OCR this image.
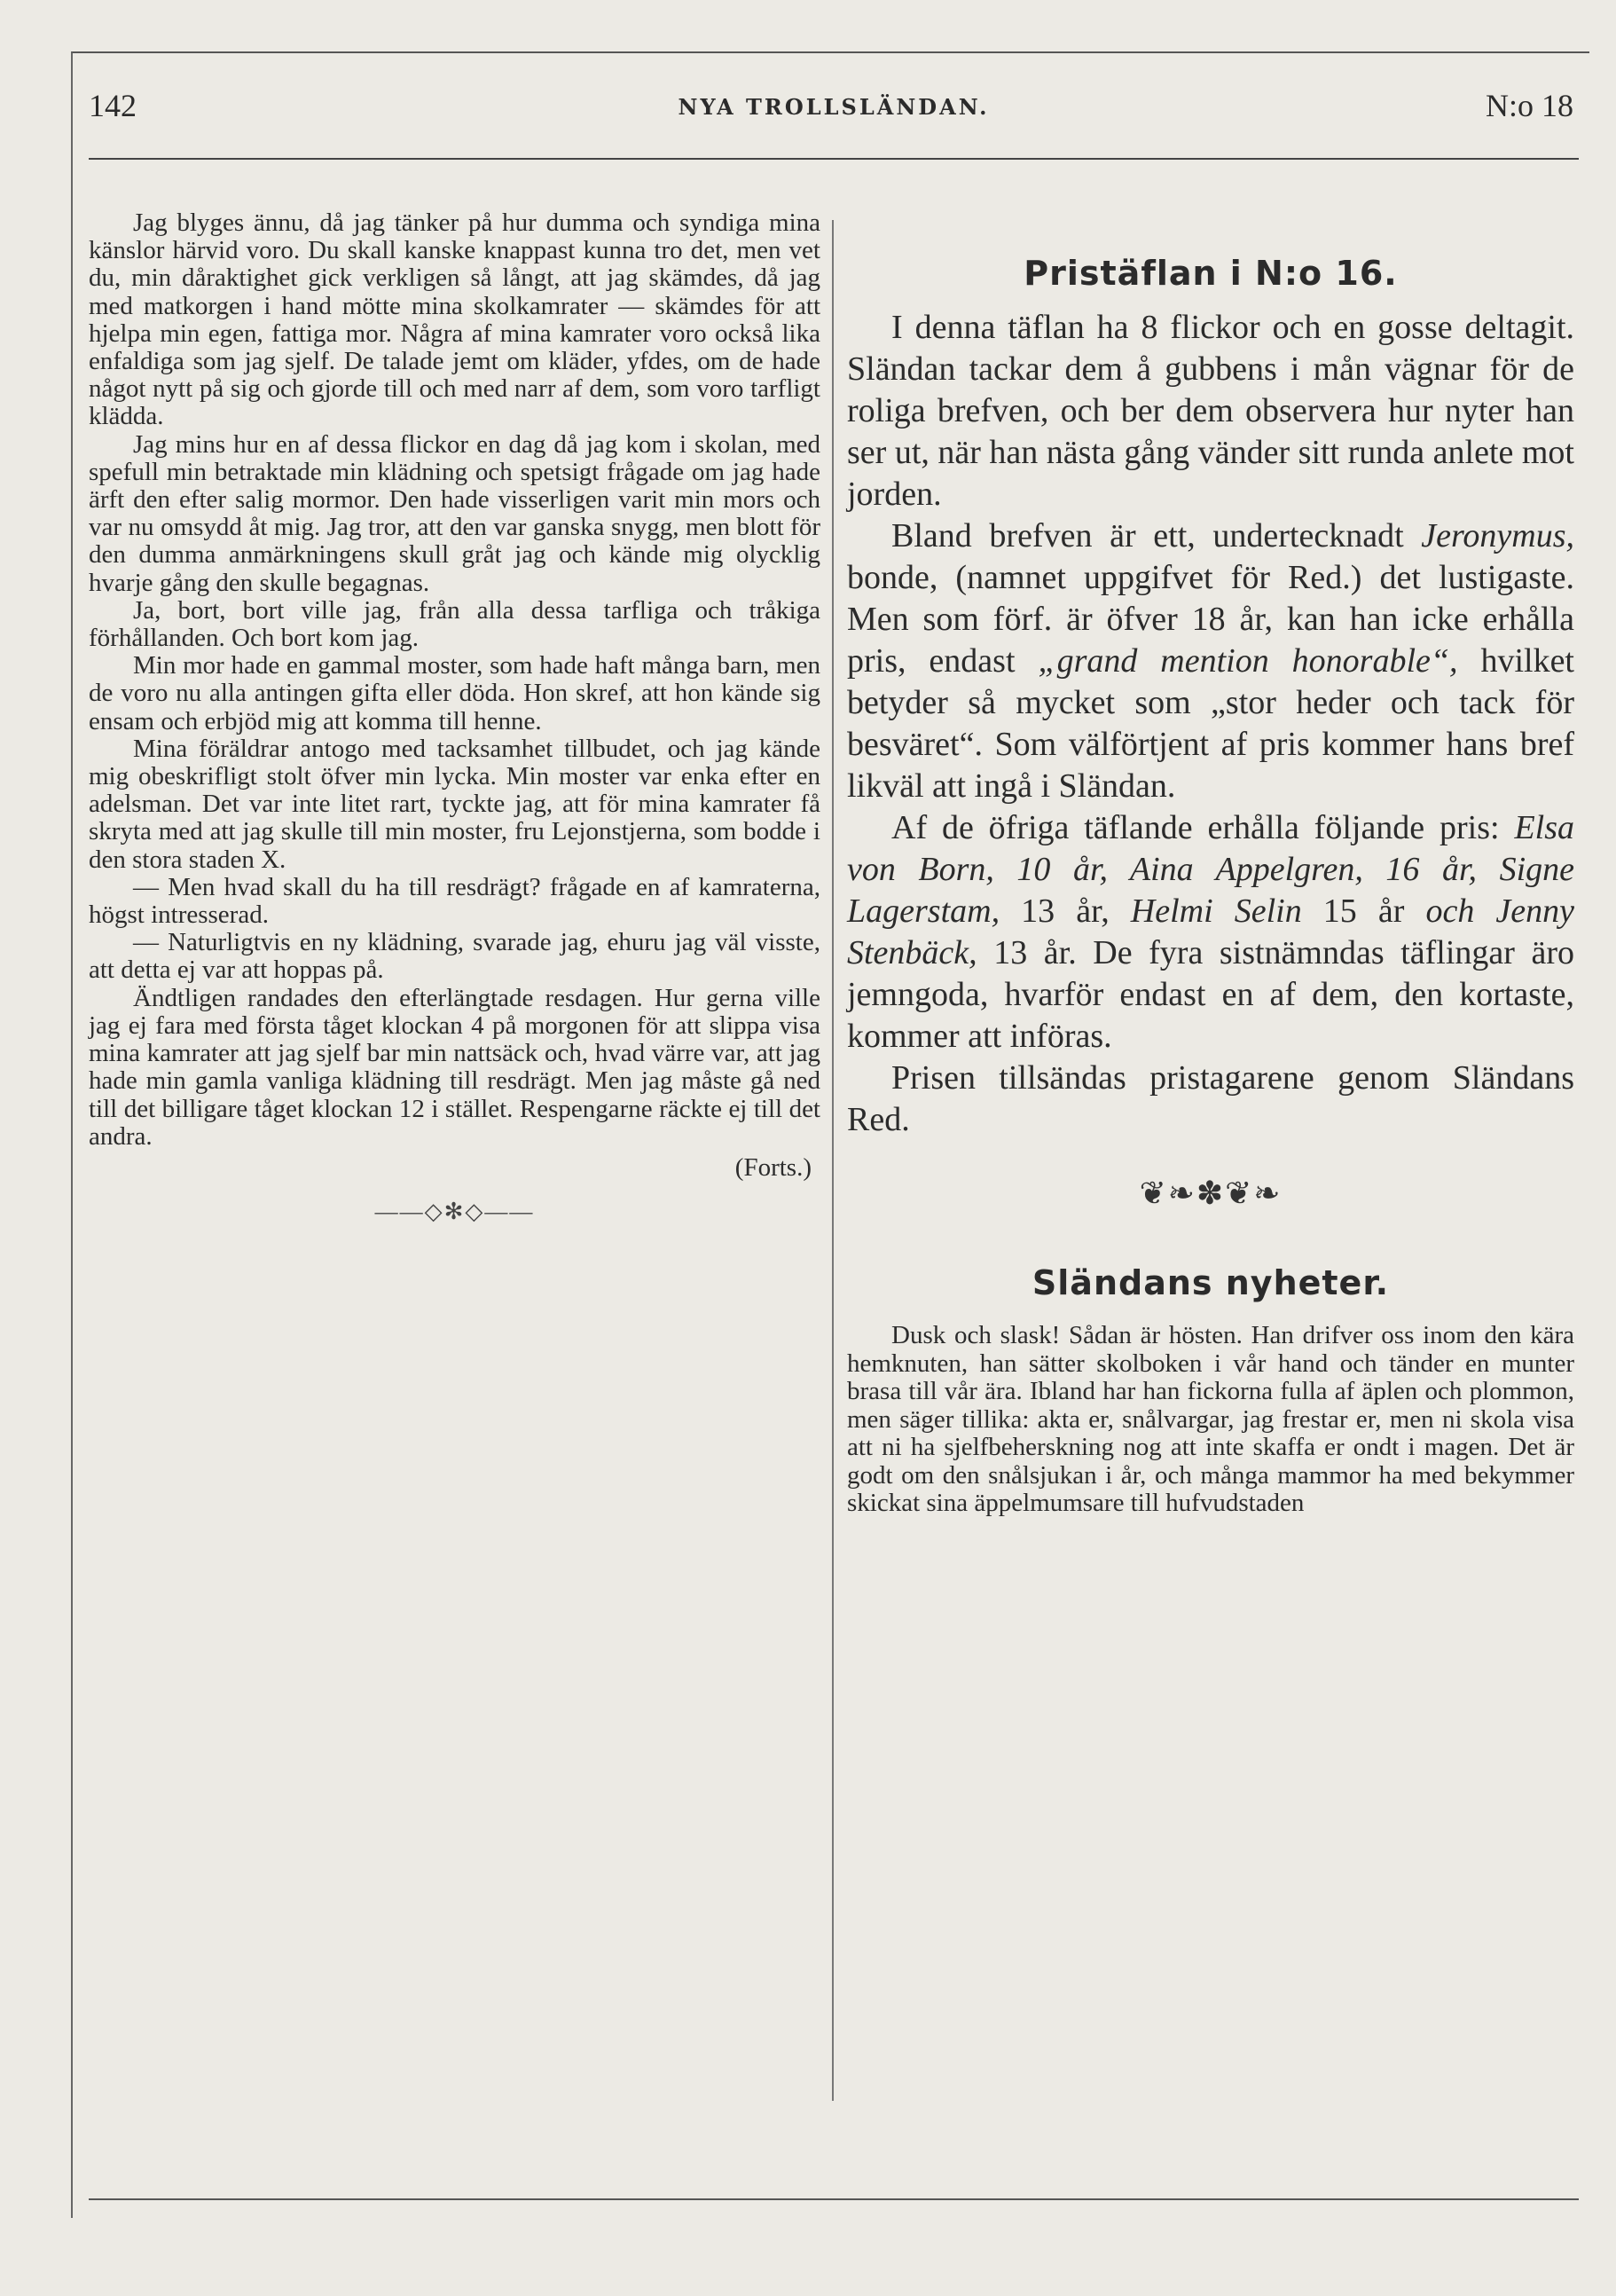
142	NYA TROLLSLÄNDAN.	N:o 18

Jag blyges ännu, då jag tänker på hur dumma och syndiga mina känslor härvid voro. Du skall kanske knappast kunna tro det, men vet du, min dåraktighet gick verkligen så långt, att jag skämdes, då jag med matkorgen i hand mötte mina skolkamrater — skämdes för att hjelpa min egen, fattiga mor. Några af mina kamrater voro också lika enfaldiga som jag sjelf. De talade jemt om kläder, yfdes, om de hade något nytt på sig och gjorde till och med narr af dem, som voro tarfligt klädda.

Jag mins hur en af dessa flickor en dag då jag kom i skolan, med spefull min betraktade min klädning och spetsigt frågade om jag hade ärft den efter salig mormor. Den hade visserligen varit min mors och var nu omsydd åt mig. Jag tror, att den var ganska snygg, men blott för den dumma anmärkningens skull gråt jag och kände mig olycklig hvarje gång den skulle begagnas.

Ja, bort, bort ville jag, från alla dessa tarfliga och tråkiga förhållanden. Och bort kom jag.

Min mor hade en gammal moster, som hade haft många barn, men de voro nu alla antingen gifta eller döda. Hon skref, att hon kände sig ensam och erbjöd mig att komma till henne.

Mina föräldrar antogo med tacksamhet tillbudet, och jag kände mig obeskrifligt stolt öfver min lycka. Min moster var enka efter en adelsman. Det var inte litet rart, tyckte jag, att för mina kamrater få skryta med att jag skulle till min moster, fru Lejonstjerna, som bodde i den stora staden X.

— Men hvad skall du ha till resdrägt? frågade en af kamraterna, högst intresserad.

— Naturligtvis en ny klädning, svarade jag, ehuru jag väl visste, att detta ej var att hoppas på.

Ändtligen randades den efterlängtade resdagen. Hur gerna ville jag ej fara med första tåget klockan 4 på morgonen för att slippa visa mina kamrater att jag sjelf bar min nattsäck och, hvad värre var, att jag hade min gamla vanliga klädning till resdrägt. Men jag måste gå ned till det billigare tåget klockan 12 i stället. Respengarne räckte ej till det andra.

(Forts.)
——◇✻◇——
Pristäflan i N:o 16.

I denna täflan ha 8 flickor och en gosse deltagit. Sländan tackar dem å gubbens i mån vägnar för de roliga brefven, och ber dem observera hur nyter han ser ut, när han nästa gång vänder sitt runda anlete mot jorden.

Bland brefven är ett, undertecknadt Jeronymus, bonde, (namnet uppgifvet för Red.) det lustigaste. Men som förf. är öfver 18 år, kan han icke erhålla pris, endast „grand mention honorable“, hvilket betyder så mycket som „stor heder och tack för besväret“. Som välförtjent af pris kommer hans bref likväl att ingå i Sländan.

Af de öfriga täflande erhålla följande pris: Elsa von Born, 10 år, Aina Appelgren, 16 år, Signe Lagerstam, 13 år, Helmi Selin 15 år och Jenny Stenbäck, 13 år. De fyra sistnämndas täflingar äro jemngoda, hvarför endast en af dem, den kortaste, kommer att införas.

Prisen tillsändas pristagarene genom Sländans Red.

❦❧✽❦❧
Sländans nyheter.

Dusk och slask! Sådan är hösten. Han drifver oss inom den kära hemknuten, han sätter skolboken i vår hand och tänder en munter brasa till vår ära. Ibland har han fickorna fulla af äplen och plommon, men säger tillika: akta er, snålvargar, jag frestar er, men ni skola visa att ni ha sjelfbeherskning nog att inte skaffa er ondt i magen. Det är godt om den snålsjukan i år, och många mammor ha med bekymmer skickat sina äppelmumsare till hufvudstaden
